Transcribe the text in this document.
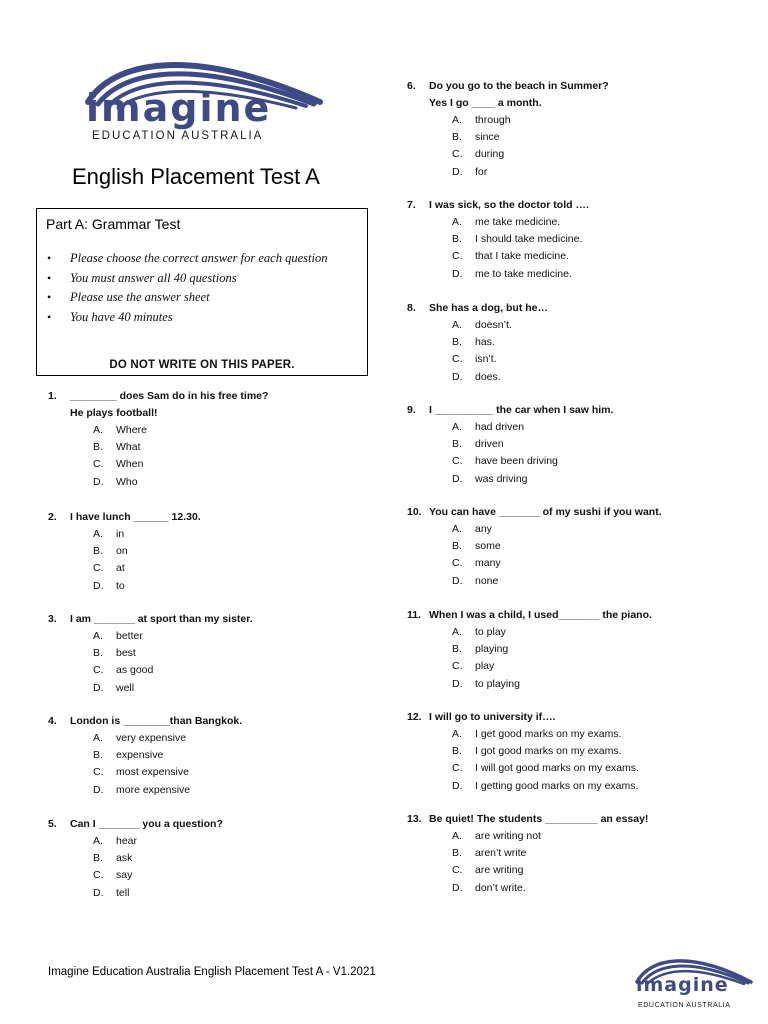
imagine
EDUCATION AUSTRALIA
English Placement Test A
Part A: Grammar Test
• Please choose the correct answer for each question
• You must answer all 40 questions
• Please use the answer sheet
• You have 40 minutes
DO NOT WRITE ON THIS PAPER.
1. ________ does Sam do in his free time?
He plays football!
A. Where
B. What
C. When
D. Who
2. I have lunch ______ 12.30.
A. in
B. on
C. at
D. to
3. I am _______ at sport than my sister.
A. better
B. best
C. as good
D. well
4. London is ________than Bangkok.
A. very expensive
B. expensive
C. most expensive
D. more expensive
5. Can I _______ you a question?
A. hear
B. ask
C. say
D. tell
6. Do you go to the beach in Summer?
Yes I go ____ a month.
A. through
B. since
C. during
D. for
7. I was sick, so the doctor told ….
A. me take medicine.
B. I should take medicine.
C. that I take medicine.
D. me to take medicine.
8. She has a dog, but he…
A. doesn’t.
B. has.
C. isn’t.
D. does.
9. I __________ the car when I saw him.
A. had driven
B. driven
C. have been driving
D. was driving
10. You can have _______ of my sushi if you want.
A. any
B. some
C. many
D. none
11. When I was a child, I used_______ the piano.
A. to play
B. playing
C. play
D. to playing
12. I will go to university if….
A. I get good marks on my exams.
B. I got good marks on my exams.
C. I will got good marks on my exams.
D. I getting good marks on my exams.
13. Be quiet! The students _________ an essay!
A. are writing not
B. aren’t write
C. are writing
D. don’t write.
imagine
EDUCATION AUSTRALIA
Imagine Education Australia English Placement Test A - V1.2021
